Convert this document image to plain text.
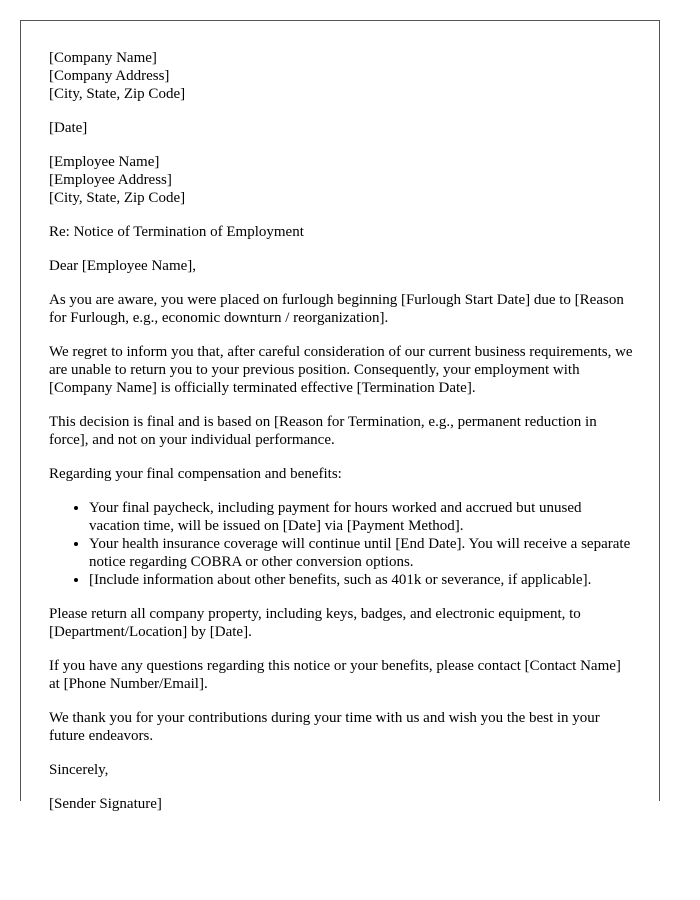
[Company Name]
[Company Address]
[City, State, Zip Code]

[Date]

[Employee Name]
[Employee Address]
[City, State, Zip Code]

Re: Notice of Termination of Employment

Dear [Employee Name],

As you are aware, you were placed on furlough beginning [Furlough Start Date] due to [Reason for Furlough, e.g., economic downturn / reorganization].

We regret to inform you that, after careful consideration of our current business requirements, we are unable to return you to your previous position. Consequently, your employment with [Company Name] is officially terminated effective [Termination Date].

This decision is final and is based on [Reason for Termination, e.g., permanent reduction in force], and not on your individual performance.

Regarding your final compensation and benefits:

• Your final paycheck, including payment for hours worked and accrued but unused vacation time, will be issued on [Date] via [Payment Method].
• Your health insurance coverage will continue until [End Date]. You will receive a separate notice regarding COBRA or other conversion options.
• [Include information about other benefits, such as 401k or severance, if applicable].

Please return all company property, including keys, badges, and electronic equipment, to [Department/Location] by [Date].

If you have any questions regarding this notice or your benefits, please contact [Contact Name] at [Phone Number/Email].

We thank you for your contributions during your time with us and wish you the best in your future endeavors.

Sincerely,

[Sender Signature]
